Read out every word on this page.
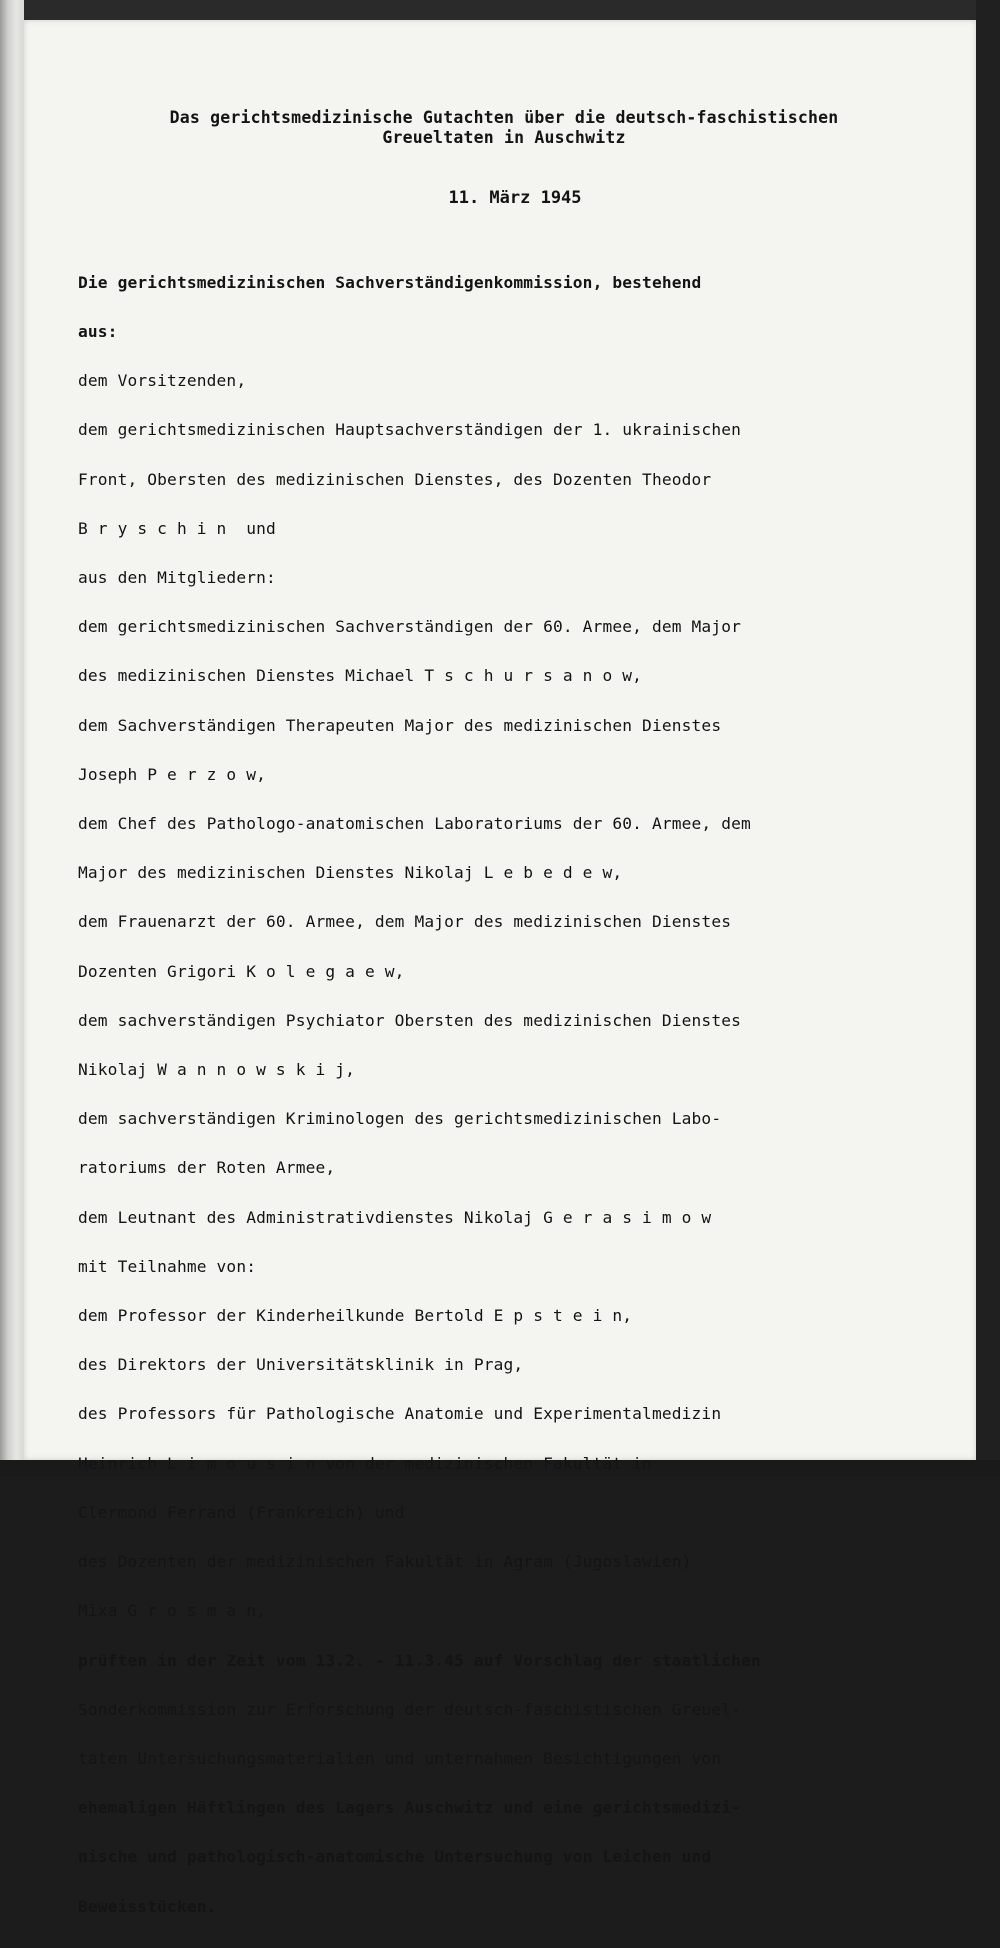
Das gerichtsmedizinische Gutachten über die deutsch-faschistischen
Greueltaten in Auschwitz
11. März 1945

Die gerichtsmedizinischen Sachverständigenkommission, bestehend

aus:

dem Vorsitzenden,

dem gerichtsmedizinischen Hauptsachverständigen der 1. ukrainischen

Front, Obersten des medizinischen Dienstes, des Dozenten Theodor

B r y s c h i n  und

aus den Mitgliedern:

dem gerichtsmedizinischen Sachverständigen der 60. Armee, dem Major

des medizinischen Dienstes Michael T s c h u r s a n o w,

dem Sachverständigen Therapeuten Major des medizinischen Dienstes

Joseph P e r z o w,

dem Chef des Pathologo-anatomischen Laboratoriums der 60. Armee, dem

Major des medizinischen Dienstes Nikolaj L e b e d e w,

dem Frauenarzt der 60. Armee, dem Major des medizinischen Dienstes

Dozenten Grigori K o l e g a e w,

dem sachverständigen Psychiator Obersten des medizinischen Dienstes

Nikolaj W a n n o w s k i j,

dem sachverständigen Kriminologen des gerichtsmedizinischen Labo-

ratoriums der Roten Armee,

dem Leutnant des Administrativdienstes Nikolaj G e r a s i m o w

mit Teilnahme von:

dem Professor der Kinderheilkunde Bertold E p s t e i n,

des Direktors der Universitätsklinik in Prag,

des Professors für Pathologische Anatomie und Experimentalmedizin

Heinrich L i m o u s i n von der medizinischen Fakultät in

Clermond Ferrand (Frankreich) und

des Dozenten der medizinischen Fakultät in Agram (Jugoslawien)

Mixa G r o s m a n,

prüften in der Zeit vom 13.2. - 11.3.45 auf Vorschlag der staatlichen

Sonderkommission zur Erforschung der deutsch-faschistischen Greuel-

taten Untersuchungsmaterialien und unternahmen Besichtigungen von

ehemaligen Häftlingen des Lagers Auschwitz und eine gerichtsmedizi-

nische und pathologisch-anatomische Untersuchung von Leichen und

Beweisstücken.
